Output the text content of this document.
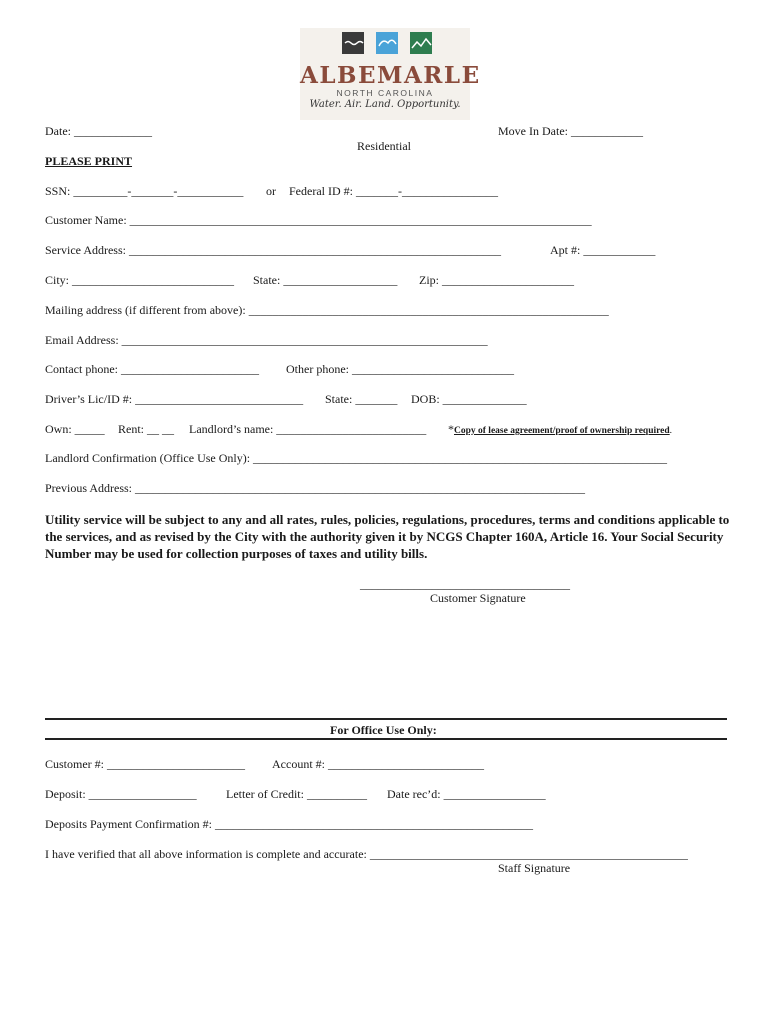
ALBEMARLE
NORTH CAROLINA
Water. Air. Land. Opportunity.
Date: _____________	Move In Date: ____________
Residential
PLEASE PRINT
SSN: _________-_______-___________ or Federal ID #: _______-________________
Customer Name: _____________________________________________________________________________
Service Address: ______________________________________________________________	Apt #: ____________
City: ___________________________ State: ___________________ Zip: ______________________
Mailing address (if different from above): ____________________________________________________________
Email Address: _____________________________________________________________
Contact phone: _______________________ Other phone: ___________________________
Driver’s Lic/ID #: ____________________________ State: _______ DOB: ______________
Own: _____ Rent: __ __ Landlord’s name: _________________________ *Copy of lease agreement/proof of ownership required.
Landlord Confirmation (Office Use Only): _____________________________________________________________________
Previous Address: ___________________________________________________________________________
Utility service will be subject to any and all rates, rules, policies, regulations, procedures, terms and conditions applicable to the services, and as revised by the City with the authority given it by NCGS Chapter 160A, Article 16. Your Social Security Number may be used for collection purposes of taxes and utility bills.
___________________________________
Customer Signature
For Office Use Only:
Customer #: _______________________ Account #: __________________________
Deposit: __________________ Letter of Credit: __________ Date rec’d: _________________
Deposits Payment Confirmation #: _____________________________________________________
I have verified that all above information is complete and accurate: _____________________________________________________
Staff Signature
